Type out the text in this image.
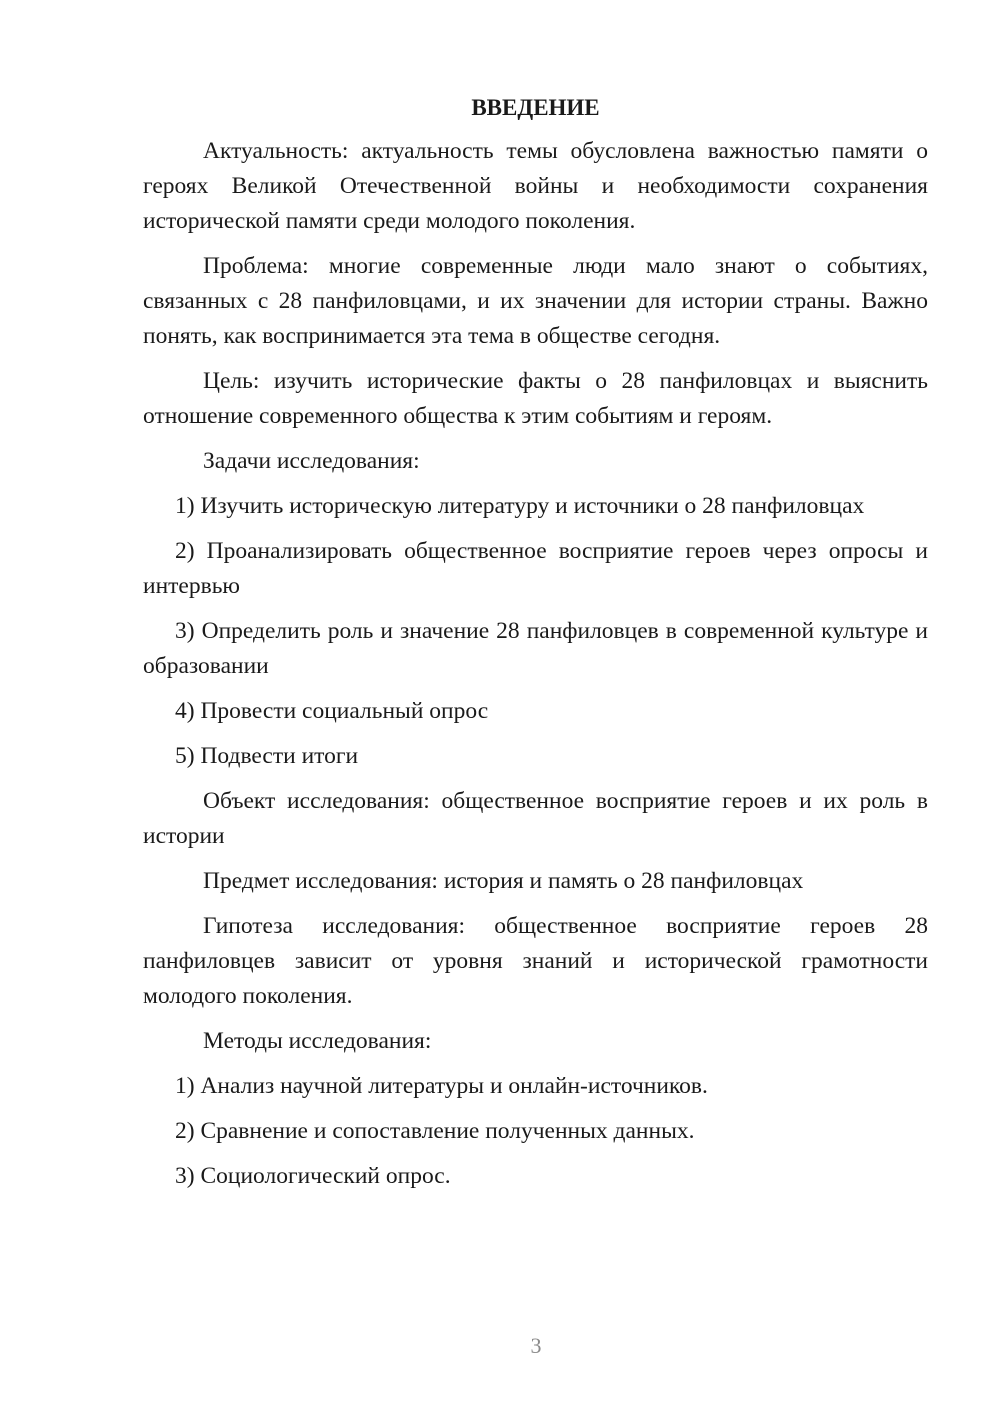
ВВЕДЕНИЕ

Актуальность: актуальность темы обусловлена важностью памяти о героях Великой Отечественной войны и необходимости сохранения исторической памяти среди молодого поколения.

Проблема: многие современные люди мало знают о событиях, связанных с 28 панфиловцами, и их значении для истории страны. Важно понять, как воспринимается эта тема в обществе сегодня.

Цель: изучить исторические факты о 28 панфиловцах и выяснить отношение современного общества к этим событиям и героям.

Задачи исследования:

1) Изучить историческую литературу и источники о 28 панфиловцах

2) Проанализировать общественное восприятие героев через опросы и интервью

3) Определить роль и значение 28 панфиловцев в современной культуре и образовании

4) Провести социальный опрос

5) Подвести итоги

Объект исследования: общественное восприятие героев и их роль в истории

Предмет исследования: история и память о 28 панфиловцах

Гипотеза исследования: общественное восприятие героев 28 панфиловцев зависит от уровня знаний и исторической грамотности молодого поколения.

Методы исследования:

1) Анализ научной литературы и онлайн-источников.

2) Сравнение и сопоставление полученных данных.

3) Социологический опрос.

3
